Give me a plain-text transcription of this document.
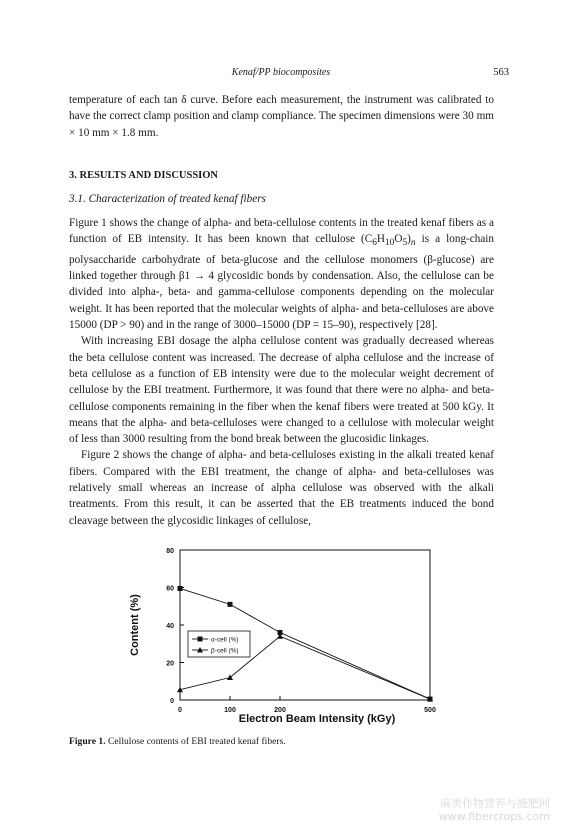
Kenaf/PP biocomposites	563

temperature of each tan δ curve. Before each measurement, the instrument was calibrated to have the correct clamp position and clamp compliance. The specimen dimensions were 30 mm × 10 mm × 1.8 mm.

3. RESULTS AND DISCUSSION
3.1. Characterization of treated kenaf fibers

Figure 1 shows the change of alpha- and beta-cellulose contents in the treated kenaf fibers as a function of EB intensity. It has been known that cellulose $(C_6H_{10}O_5)_n$ is a long-chain polysaccharide carbohydrate of beta-glucose and the cellulose monomers (β-glucose) are linked together through β1 → 4 glycosidic bonds by condensation. Also, the cellulose can be divided into alpha-, beta- and gamma-cellulose components depending on the molecular weight. It has been reported that the molecular weights of alpha- and beta-celluloses are above 15000 (DP > 90) and in the range of 3000–15000 (DP = 15–90), respectively [28].

With increasing EBI dosage the alpha cellulose content was gradually decreased whereas the beta cellulose content was increased. The decrease of alpha cellulose and the increase of beta cellulose as a function of EB intensity were due to the molecular weight decrement of cellulose by the EBI treatment. Furthermore, it was found that there were no alpha- and beta-cellulose components remaining in the fiber when the kenaf fibers were treated at 500 kGy. It means that the alpha- and beta-celluloses were changed to a cellulose with molecular weight of less than 3000 resulting from the bond break between the glucosidic linkages.

Figure 2 shows the change of alpha- and beta-celluloses existing in the alkali treated kenaf fibers. Compared with the EBI treatment, the change of alpha- and beta-celluloses was relatively small whereas an increase of alpha cellulose was observed with the alkali treatments. From this result, it can be asserted that the EB treatments induced the bond cleavage between the glycosidic linkages of cellulose,

0
20
40
60
80
0	100	200	500
Electron Beam Intensity (kGy)
Content (%)	α-cell (%)
β-cell (%)
Figure 1. Cellulose contents of EBI treated kenaf fibers.
麻类作物营养与施肥网
www.fibercrops.com
